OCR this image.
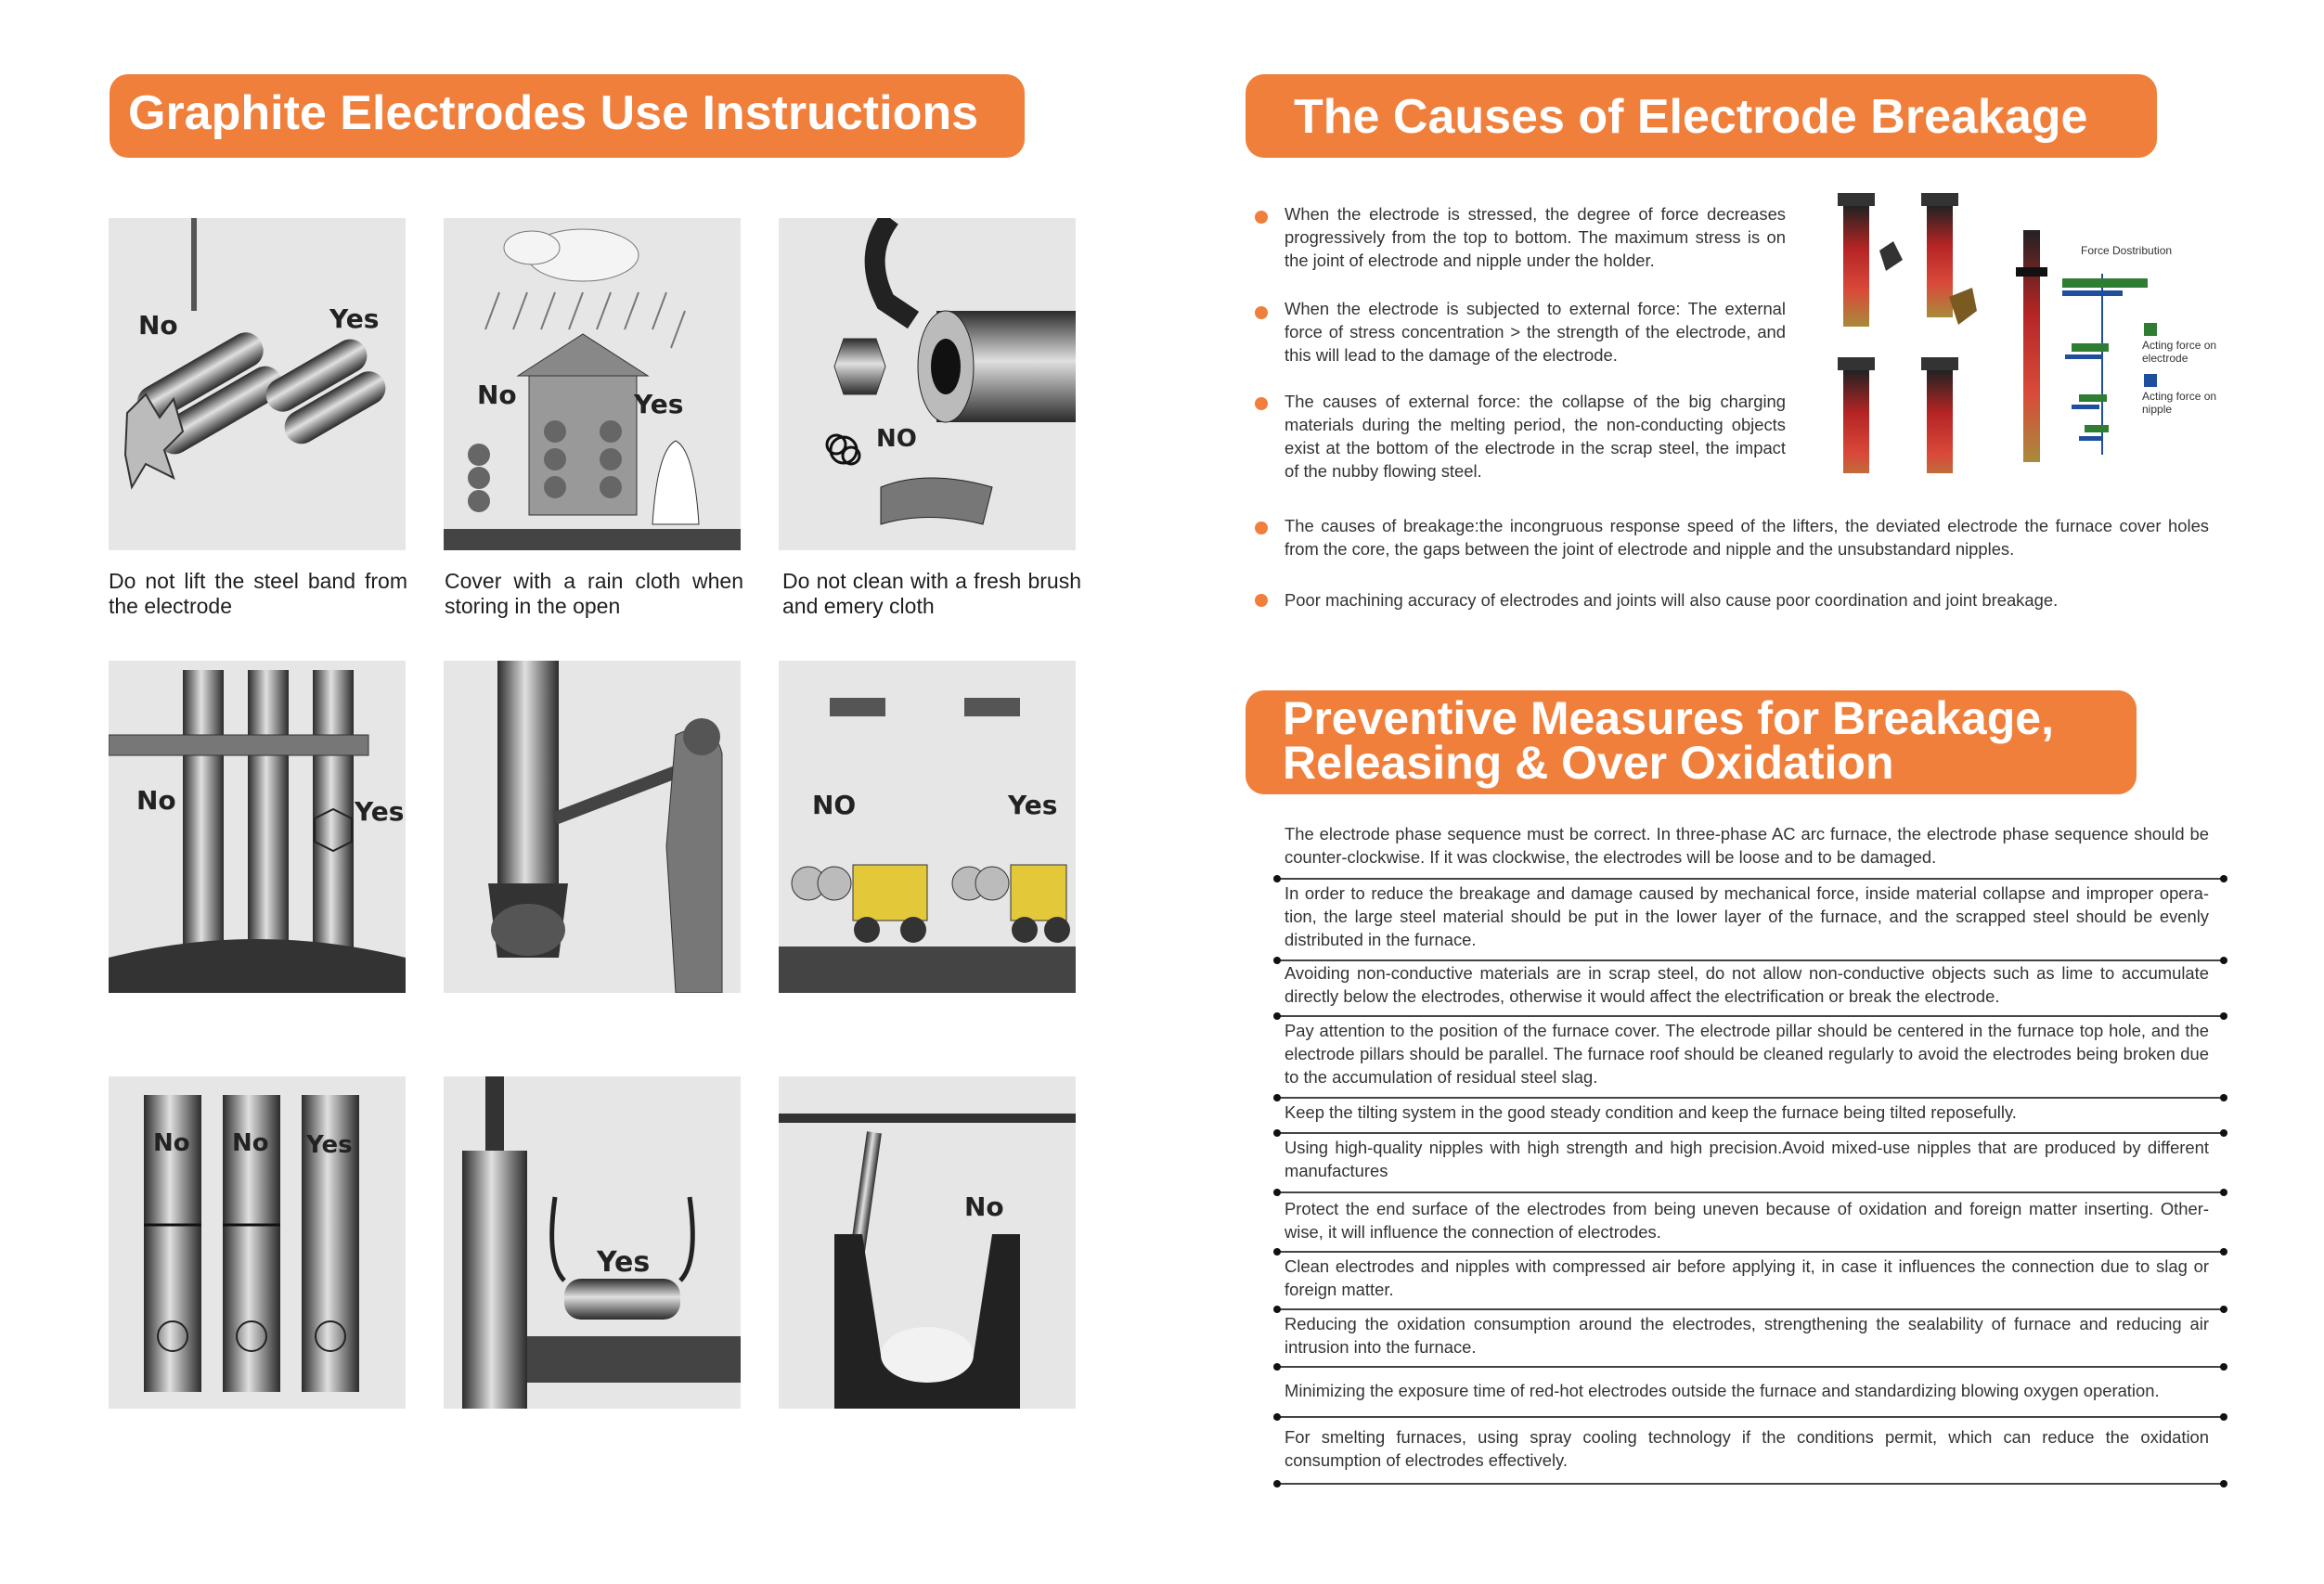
Graphite Electrodes Use Instructions	The Causes of Electrode Breakage
Preventive Measures for Breakage,
Releasing & Over Oxidation
No	Yes
No	Yes
NO
Do not lift the steel band from the electrode
Cover with a rain cloth when storing in the open
Do not clean with a fresh brush and emery cloth
No	Yes	NO	Yes
No No Yes
Yes
No
When the electrode is stressed, the degree of force decreases progressively from the top to bottom. The maximum stress is on the joint of electrode and nipple under the holder.
When the electrode is subjected to external force: The external force of stress concentration > the strength of the electrode, and this will lead to the damage of the electrode.
The causes of external force: the collapse of the big charging materials during the melting period, the non-conducting objects exist at the bottom of the electrode in the scrap steel, the impact of the nubby flowing steel.
The causes of breakage:the incongruous response speed of the lifters, the deviated electrode the furnace cover holes from the core, the gaps between the joint of electrode and nipple and the unsubstandard nipples.
Poor machining accuracy of electrodes and joints will also cause poor coordination and joint breakage.
Force Dostribution
Acting force on electrode
Acting force on nipple
The electrode phase sequence must be correct. In three-phase AC arc furnace, the electrode phase sequence should be counter-clockwise. If it was clockwise, the electrodes will be loose and to be damaged.
In order to reduce the breakage and damage caused by mechanical force, inside material collapse and improper opera- tion, the large steel material should be put in the lower layer of the furnace, and the scrapped steel should be evenly distributed in the furnace.
Avoiding non-conductive materials are in scrap steel, do not allow non-conductive objects such as lime to accumulate directly below the electrodes, otherwise it would affect the electrification or break the electrode.
Pay attention to the position of the furnace cover. The electrode pillar should be centered in the furnace top hole, and the electrode pillars should be parallel. The furnace roof should be cleaned regularly to avoid the electrodes being broken due to the accumulation of residual steel slag.
Keep the tilting system in the good steady condition and keep the furnace being tilted reposefully.
Using high-quality nipples with high strength and high precision.Avoid mixed-use nipples that are produced by different manufactures
Protect the end surface of the electrodes from being uneven because of oxidation and foreign matter inserting. Other- wise, it will influence the connection of electrodes.
Clean electrodes and nipples with compressed air before applying it, in case it influences the connection due to slag or foreign matter.
Reducing the oxidation consumption around the electrodes, strengthening the sealability of furnace and reducing air intrusion into the furnace.
Minimizing the exposure time of red-hot electrodes outside the furnace and standardizing blowing oxygen operation.
For smelting furnaces, using spray cooling technology if the conditions permit, which can reduce the oxidation consumption of electrodes effectively.
